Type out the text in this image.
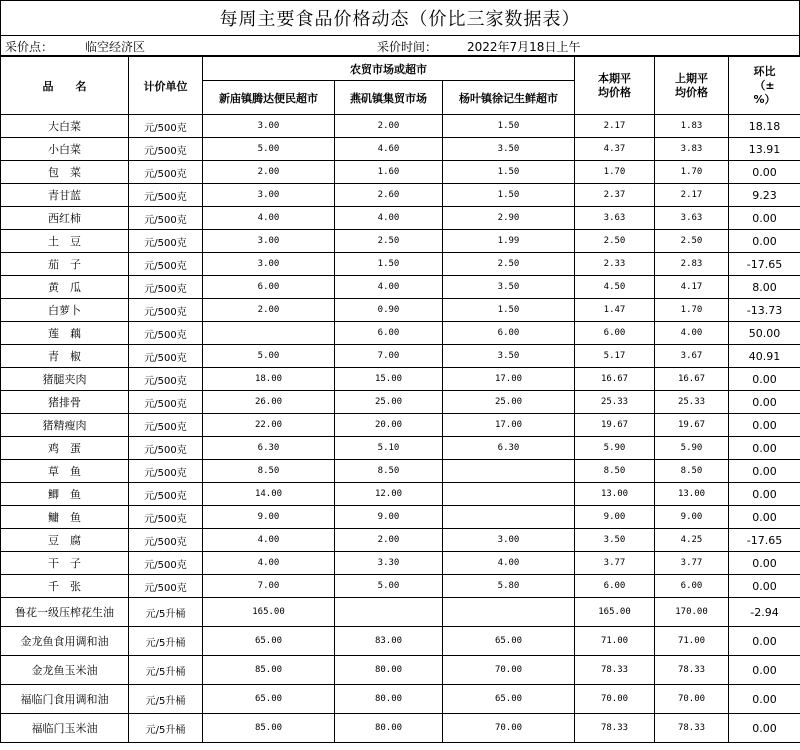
每周主要食品价格动态（价比三家数据表）
采价点：	临空经济区	采价时间： 2022年7月18日上午
品　　名	计价单位	农贸市场或超市			本期平均价格	上期平均价格	环比（±%）
		新庙镇腾达便民超市	燕矶镇集贸市场	杨叶镇徐记生鲜超市			
大白菜	元/500克	3.00	2.00	1.50	2.17	1.83	18.18
小白菜	元/500克	5.00	4.60	3.50	4.37	3.83	13.91
包　菜	元/500克	2.00	1.60	1.50	1.70	1.70	0.00
青甘蓝	元/500克	3.00	2.60	1.50	2.37	2.17	9.23
西红柿	元/500克	4.00	4.00	2.90	3.63	3.63	0.00
土　豆	元/500克	3.00	2.50	1.99	2.50	2.50	0.00
茄　子	元/500克	3.00	1.50	2.50	2.33	2.83	-17.65
黄　瓜	元/500克	6.00	4.00	3.50	4.50	4.17	8.00
白萝卜	元/500克	2.00	0.90	1.50	1.47	1.70	-13.73
莲　藕	元/500克		6.00	6.00	6.00	4.00	50.00
青　椒	元/500克	5.00	7.00	3.50	5.17	3.67	40.91
猪腿夹肉	元/500克	18.00	15.00	17.00	16.67	16.67	0.00
猪排骨	元/500克	26.00	25.00	25.00	25.33	25.33	0.00
猪精瘦肉	元/500克	22.00	20.00	17.00	19.67	19.67	0.00
鸡　蛋	元/500克	6.30	5.10	6.30	5.90	5.90	0.00
草　鱼	元/500克	8.50	8.50		8.50	8.50	0.00
鲫　鱼	元/500克	14.00	12.00		13.00	13.00	0.00
鳙　鱼	元/500克	9.00	9.00		9.00	9.00	0.00
豆　腐	元/500克	4.00	2.00	3.00	3.50	4.25	-17.65
干　子	元/500克	4.00	3.30	4.00	3.77	3.77	0.00
千　张	元/500克	7.00	5.00	5.80	6.00	6.00	0.00
鲁花一级压榨花生油	元/5升桶	165.00			165.00	170.00	-2.94
金龙鱼食用调和油	元/5升桶	65.00	83.00	65.00	71.00	71.00	0.00
金龙鱼玉米油	元/5升桶	85.00	80.00	70.00	78.33	78.33	0.00
福临门食用调和油	元/5升桶	65.00	80.00	65.00	70.00	70.00	0.00
福临门玉米油	元/5升桶	85.00	80.00	70.00	78.33	78.33	0.00
